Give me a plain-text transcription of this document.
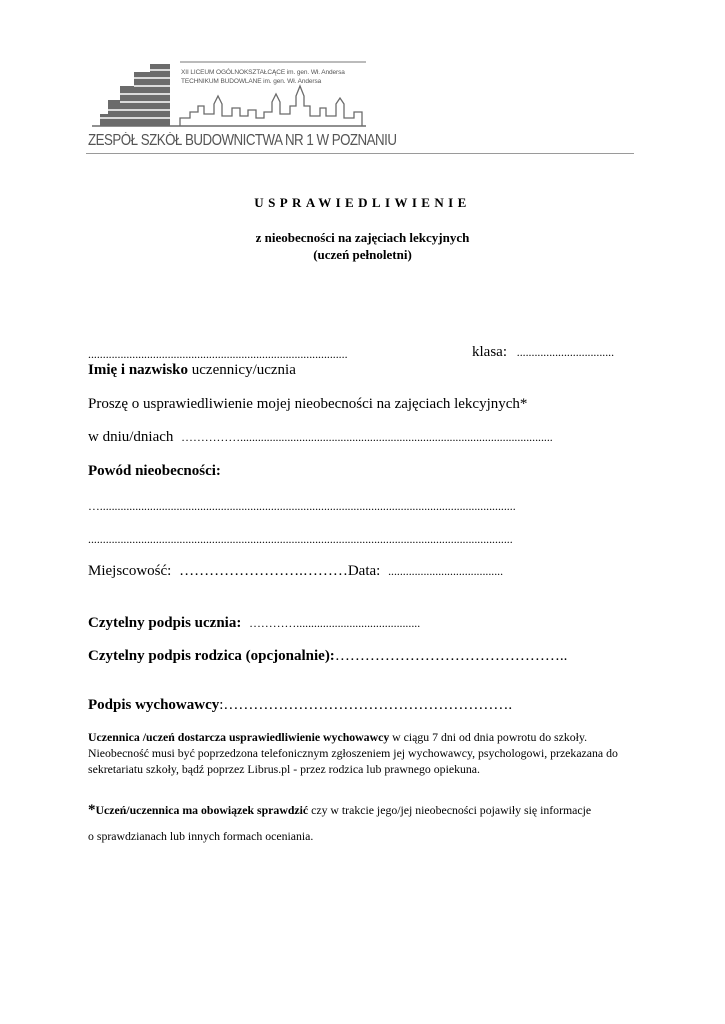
XII LICEUM OGÓLNOKSZTAŁCĄCE im. gen. Wł. Andersa
TECHNIKUM BUDOWLANE im. gen. Wł. Andersa
ZESPÓŁ SZKÓŁ BUDOWNICTWA NR 1 W POZNANIU
USPRAWIEDLIWIENIE
z nieobecności na zajęciach lekcyjnych
(uczeń pełnoletni)
........................................................................................	klasa: .................................
Imię i nazwisko uczennicy/ucznia
Proszę o usprawiedliwienie mojej nieobecności na zajęciach lekcyjnych*
w dniu/dniach ……………..........................................................................................................
Powód nieobecności:
….............................................................................................................................................
................................................................................................................................................
Miejscowość: …………………….………Data: .......................................
Czytelny podpis ucznia: …………..........................................
Czytelny podpis rodzica (opcjonalnie):………………………………………..
Podpis wychowawcy:………………………………………………….
Uczennica /uczeń dostarcza usprawiedliwienie wychowawcy w ciągu 7 dni od dnia powrotu do szkoły. Nieobecność musi być poprzedzona telefonicznym zgłoszeniem jej wychowawcy, psychologowi, przekazana do sekretariatu szkoły, bądź poprzez Librus.pl - przez rodzica lub prawnego opiekuna.
*Uczeń/uczennica ma obowiązek sprawdzić czy w trakcie jego/jej nieobecności pojawiły się informacje
o sprawdzianach lub innych formach oceniania.
